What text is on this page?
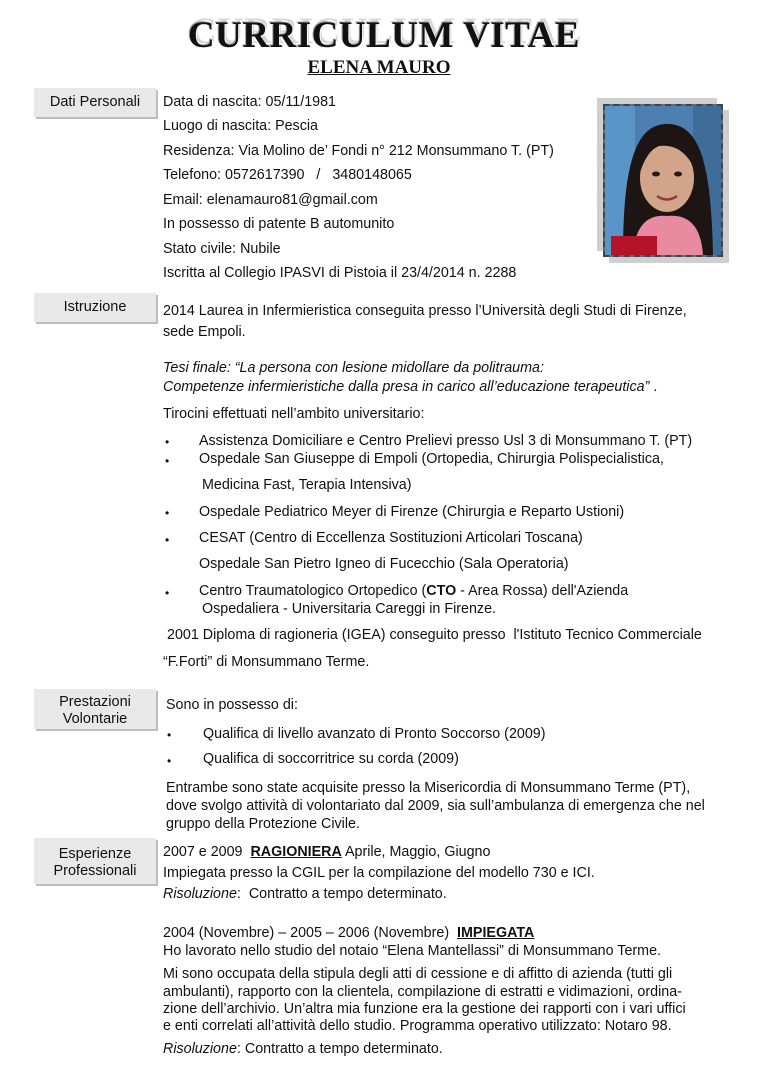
CURRICULUM VITAE
ELENA MAURO
Dati Personali
Istruzione
Prestazioni
Volontarie
Esperienze
Professionali
Data di nascita: 05/11/1981
Luogo di nascita: Pescia
Residenza: Via Molino de’ Fondi n° 212 Monsummano T. (PT)
Telefono: 0572617390   /   3480148065
Email: elenamauro81@gmail.com
In possesso di patente B automunito
Stato civile: Nubile
Iscritta al Collegio IPASVI di Pistoia il 23/4/2014 n. 2288
2014 Laurea in Infermieristica conseguita presso l’Università degli Studi di Firenze,
sede Empoli.
Tesi finale: “La persona con lesione midollare da politrauma:
Competenze infermieristiche dalla presa in carico all’educazione terapeutica” .
Tirocini effettuati nell’ambito universitario:
• Assistenza Domiciliare e Centro Prelievi presso Usl 3 di Monsummano T. (PT)
• Ospedale San Giuseppe di Empoli (Ortopedia, Chirurgia Polispecialistica,
Medicina Fast, Terapia Intensiva)
• Ospedale Pediatrico Meyer di Firenze (Chirurgia e Reparto Ustioni)
• CESAT (Centro di Eccellenza Sostituzioni Articolari Toscana)
Ospedale San Pietro Igneo di Fucecchio (Sala Operatoria)
• Centro Traumatologico Ortopedico (CTO - Area Rossa) dell'Azienda
Ospedaliera - Universitaria Careggi in Firenze.
2001 Diploma di ragioneria (IGEA) conseguito presso  l'Istituto Tecnico Commerciale
“F.Forti” di Monsummano Terme.
Sono in possesso di:
• Qualifica di livello avanzato di Pronto Soccorso (2009)
• Qualifica di soccorritrice su corda (2009)
Entrambe sono state acquisite presso la Misericordia di Monsummano Terme (PT),
dove svolgo attività di volontariato dal 2009, sia sull’ambulanza di emergenza che nel
gruppo della Protezione Civile.
2007 e 2009  RAGIONIERA Aprile, Maggio, Giugno
Impiegata presso la CGIL per la compilazione del modello 730 e ICI.
Risoluzione:  Contratto a tempo determinato.
2004 (Novembre) – 2005 – 2006 (Novembre)  IMPIEGATA
Ho lavorato nello studio del notaio “Elena Mantellassi” di Monsummano Terme.
Mi sono occupata della stipula degli atti di cessione e di affitto di azienda (tutti gli
ambulanti), rapporto con la clientela, compilazione di estratti e vidimazioni, ordina-
zione dell’archivio. Un’altra mia funzione era la gestione dei rapporti con i vari uffici
e enti correlati all’attività dello studio. Programma operativo utilizzato: Notaro 98.
Risoluzione: Contratto a tempo determinato.
